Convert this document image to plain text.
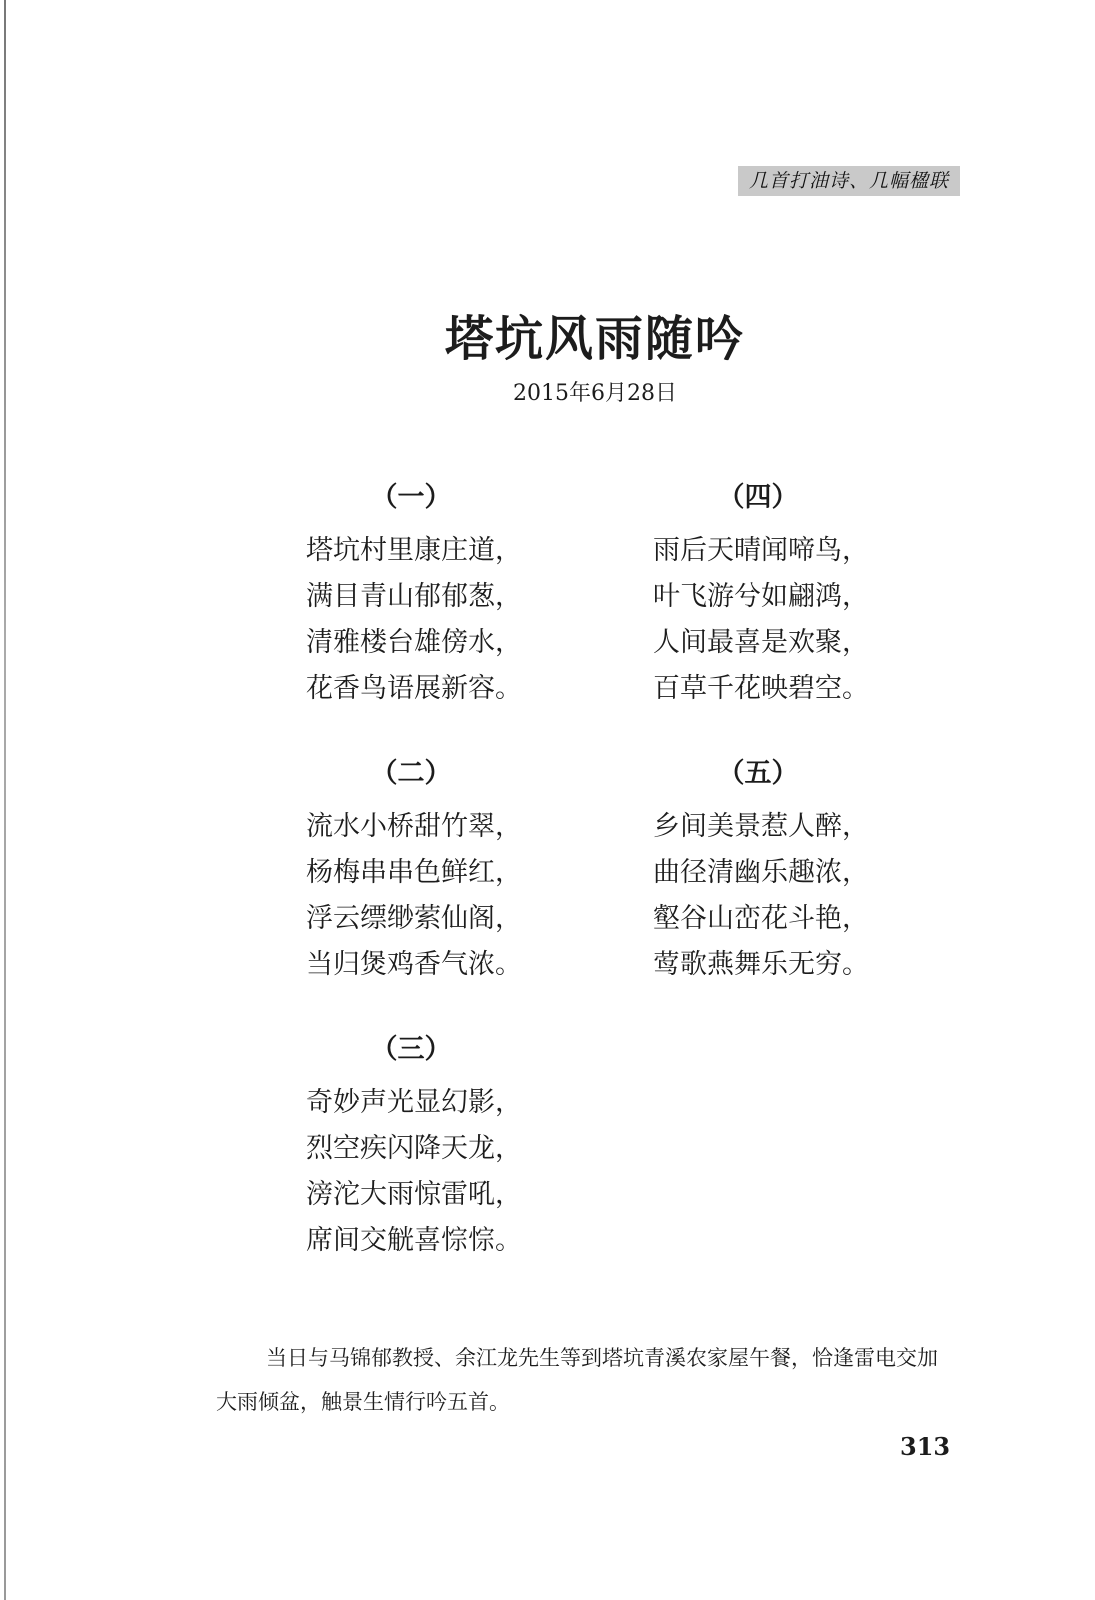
几首打油诗、几幅楹联
塔坑风雨随吟
2015年6月28日
（一）
塔坑村里康庄道，
满目青山郁郁葱，
清雅楼台雄傍水，
花香鸟语展新容。
（二）
流水小桥甜竹翠，
杨梅串串色鲜红，
浮云缥缈萦仙阁，
当归煲鸡香气浓。
（三）
奇妙声光显幻影，
烈空疾闪降天龙，
滂沱大雨惊雷吼，
席间交觥喜悰悰。
（四）
雨后天晴闻啼鸟，
叶飞游兮如翩鸿，
人间最喜是欢聚，
百草千花映碧空。
（五）
乡间美景惹人醉，
曲径清幽乐趣浓，
壑谷山峦花斗艳，
莺歌燕舞乐无穷。

当日与马锦郁教授、余江龙先生等到塔坑青溪农家屋午餐，恰逢雷电交加大雨倾盆，触景生情行吟五首。

313
